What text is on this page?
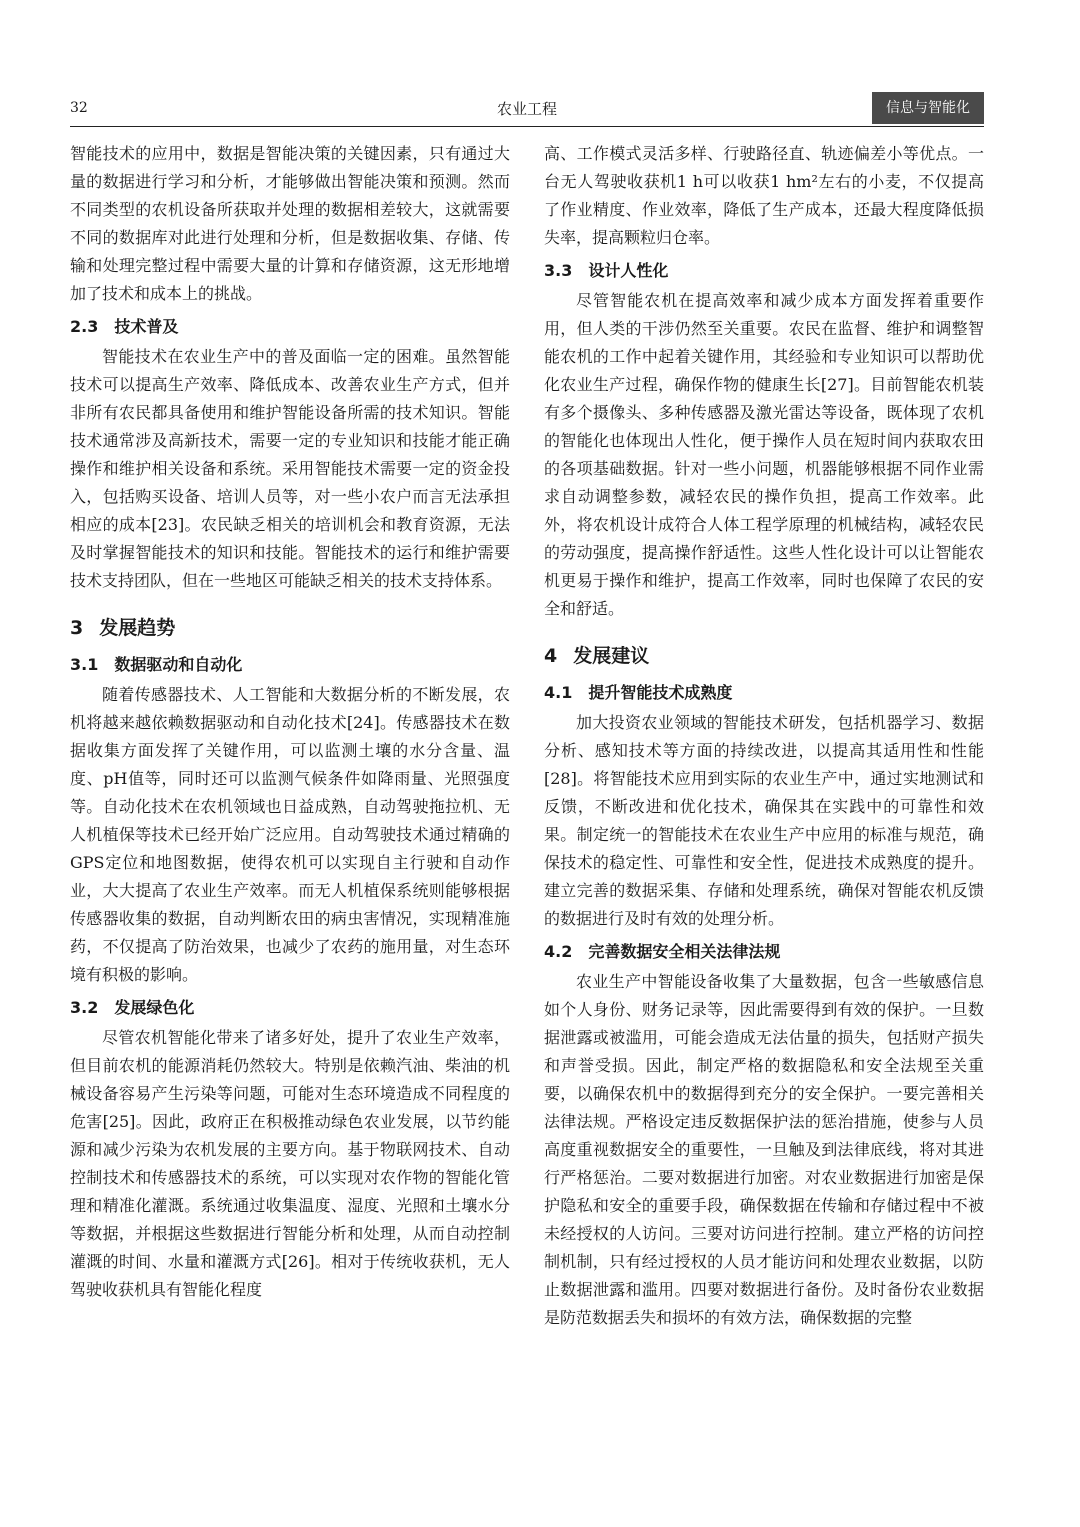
32	农业工程	信息与智能化

智能技术的应用中，数据是智能决策的关键因素，只有通过大量的数据进行学习和分析，才能够做出智能决策和预测。然而不同类型的农机设备所获取并处理的数据相差较大，这就需要不同的数据库对此进行处理和分析，但是数据收集、存储、传输和处理完整过程中需要大量的计算和存储资源，这无形地增加了技术和成本上的挑战。

2.3 技术普及

智能技术在农业生产中的普及面临一定的困难。虽然智能技术可以提高生产效率、降低成本、改善农业生产方式，但并非所有农民都具备使用和维护智能设备所需的技术知识。智能技术通常涉及高新技术，需要一定的专业知识和技能才能正确操作和维护相关设备和系统。采用智能技术需要一定的资金投入，包括购买设备、培训人员等，对一些小农户而言无法承担相应的成本[23]。农民缺乏相关的培训机会和教育资源，无法及时掌握智能技术的知识和技能。智能技术的运行和维护需要技术支持团队，但在一些地区可能缺乏相关的技术支持体系。

3 发展趋势
3.1 数据驱动和自动化

随着传感器技术、人工智能和大数据分析的不断发展，农机将越来越依赖数据驱动和自动化技术[24]。传感器技术在数据收集方面发挥了关键作用，可以监测土壤的水分含量、温度、pH值等，同时还可以监测气候条件如降雨量、光照强度等。自动化技术在农机领域也日益成熟，自动驾驶拖拉机、无人机植保等技术已经开始广泛应用。自动驾驶技术通过精确的GPS定位和地图数据，使得农机可以实现自主行驶和自动作业，大大提高了农业生产效率。而无人机植保系统则能够根据传感器收集的数据，自动判断农田的病虫害情况，实现精准施药，不仅提高了防治效果，也减少了农药的施用量，对生态环境有积极的影响。

3.2 发展绿色化

尽管农机智能化带来了诸多好处，提升了农业生产效率，但目前农机的能源消耗仍然较大。特别是依赖汽油、柴油的机械设备容易产生污染等问题，可能对生态环境造成不同程度的危害[25]。因此，政府正在积极推动绿色农业发展，以节约能源和减少污染为农机发展的主要方向。基于物联网技术、自动控制技术和传感器技术的系统，可以实现对农作物的智能化管理和精准化灌溉。系统通过收集温度、湿度、光照和土壤水分等数据，并根据这些数据进行智能分析和处理，从而自动控制灌溉的时间、水量和灌溉方式[26]。相对于传统收获机，无人驾驶收获机具有智能化程度

高、工作模式灵活多样、行驶路径直、轨迹偏差小等优点。一台无人驾驶收获机1 h可以收获1 hm²左右的小麦，不仅提高了作业精度、作业效率，降低了生产成本，还最大程度降低损失率，提高颗粒归仓率。

3.3 设计人性化

尽管智能农机在提高效率和减少成本方面发挥着重要作用，但人类的干涉仍然至关重要。农民在监督、维护和调整智能农机的工作中起着关键作用，其经验和专业知识可以帮助优化农业生产过程，确保作物的健康生长[27]。目前智能农机装有多个摄像头、多种传感器及激光雷达等设备，既体现了农机的智能化也体现出人性化，便于操作人员在短时间内获取农田的各项基础数据。针对一些小问题，机器能够根据不同作业需求自动调整参数，减轻农民的操作负担，提高工作效率。此外，将农机设计成符合人体工程学原理的机械结构，减轻农民的劳动强度，提高操作舒适性。这些人性化设计可以让智能农机更易于操作和维护，提高工作效率，同时也保障了农民的安全和舒适。

4 发展建议
4.1 提升智能技术成熟度

加大投资农业领域的智能技术研发，包括机器学习、数据分析、感知技术等方面的持续改进，以提高其适用性和性能[28]。将智能技术应用到实际的农业生产中，通过实地测试和反馈，不断改进和优化技术，确保其在实践中的可靠性和效果。制定统一的智能技术在农业生产中应用的标准与规范，确保技术的稳定性、可靠性和安全性，促进技术成熟度的提升。建立完善的数据采集、存储和处理系统，确保对智能农机反馈的数据进行及时有效的处理分析。

4.2 完善数据安全相关法律法规

农业生产中智能设备收集了大量数据，包含一些敏感信息如个人身份、财务记录等，因此需要得到有效的保护。一旦数据泄露或被滥用，可能会造成无法估量的损失，包括财产损失和声誉受损。因此，制定严格的数据隐私和安全法规至关重要，以确保农机中的数据得到充分的安全保护。一要完善相关法律法规。严格设定违反数据保护法的惩治措施，使参与人员高度重视数据安全的重要性，一旦触及到法律底线，将对其进行严格惩治。二要对数据进行加密。对农业数据进行加密是保护隐私和安全的重要手段，确保数据在传输和存储过程中不被未经授权的人访问。三要对访问进行控制。建立严格的访问控制机制，只有经过授权的人员才能访问和处理农业数据，以防止数据泄露和滥用。四要对数据进行备份。及时备份农业数据是防范数据丢失和损坏的有效方法，确保数据的完整
